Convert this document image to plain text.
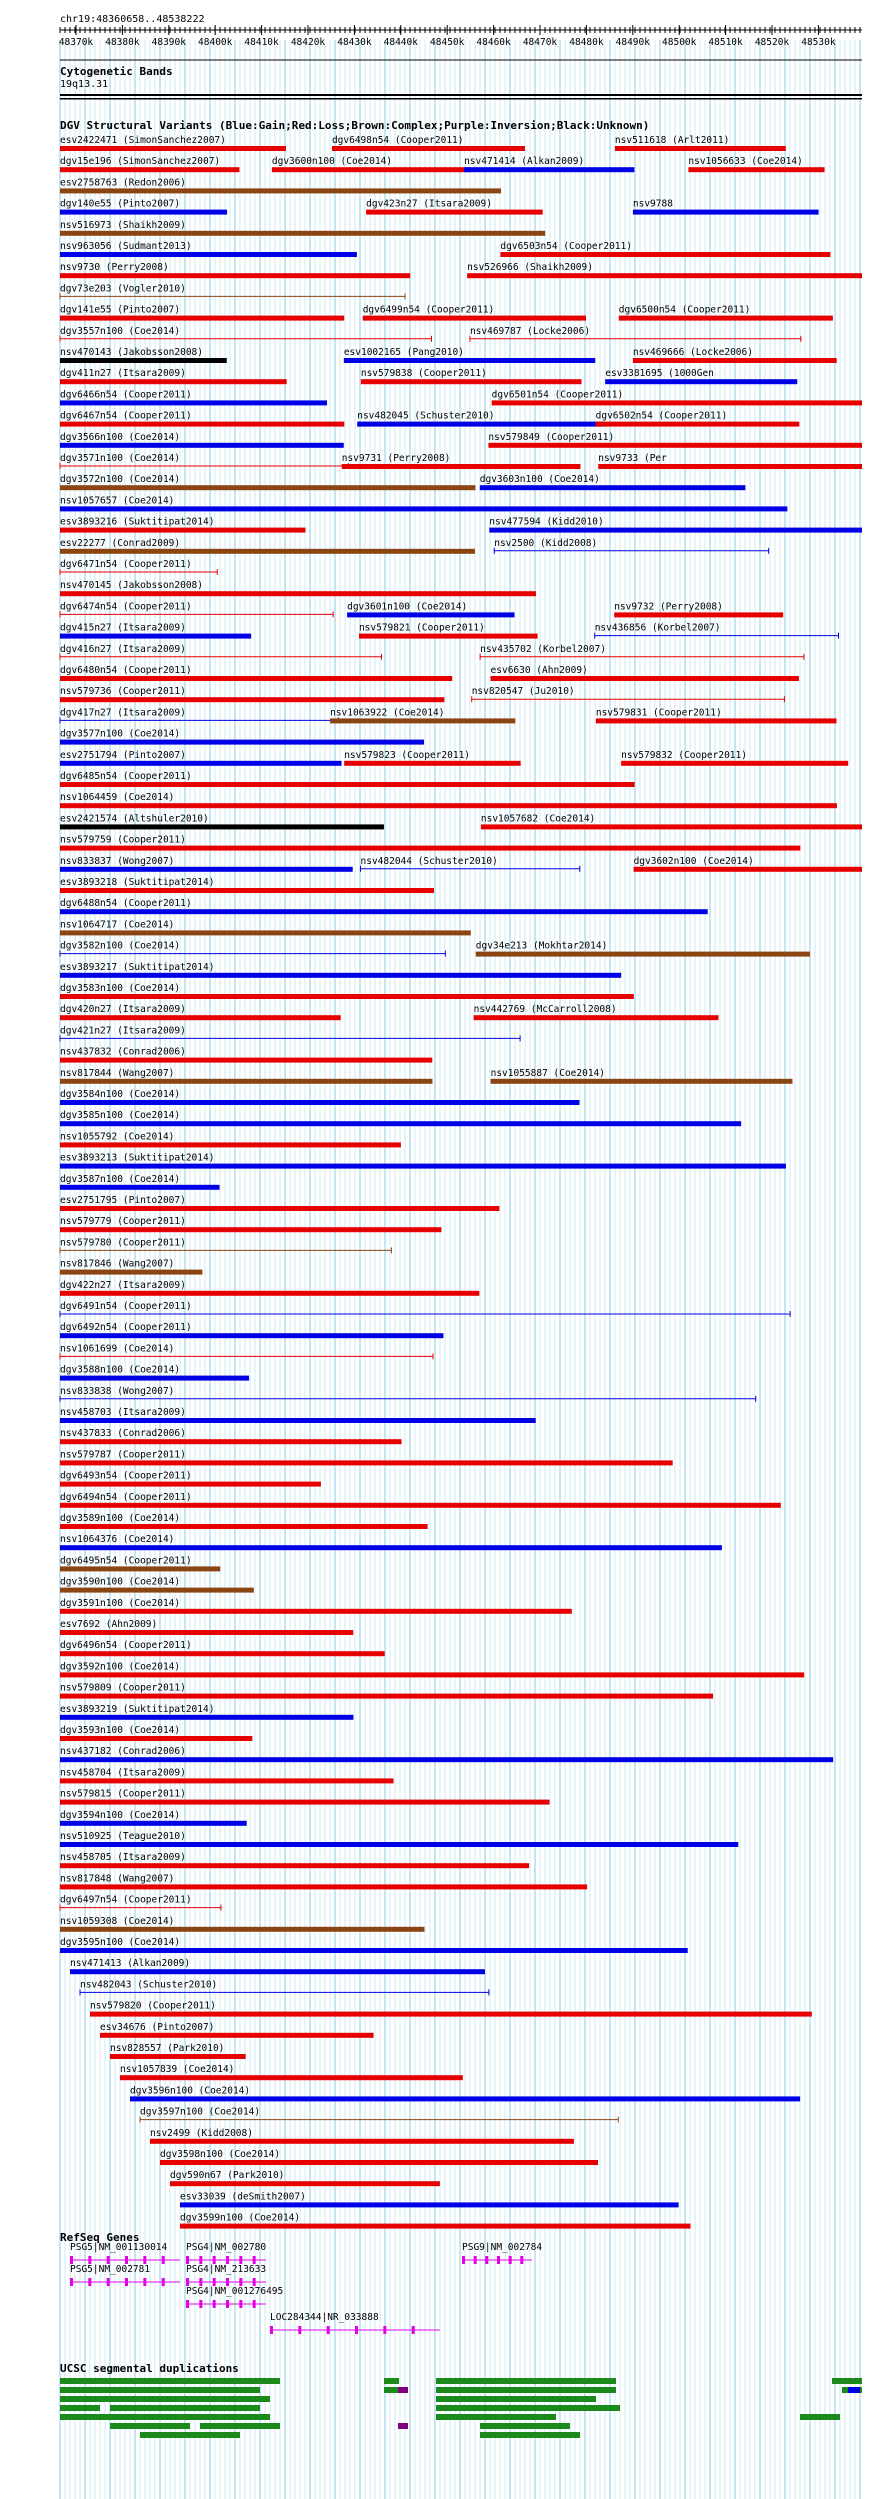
chr19:48360658..48538222
Cytogenetic Bands
19q13.31
DGV Structural Variants (Blue:Gain;Red:Loss;Brown:Complex;Purple:Inversion;Black:Unknown)
RefSeq Genes
UCSC segmental duplications
48370k 48380k 48390k 48400k 48410k 48420k 48430k 48440k 48450k 48460k 48470k 48480k 48490k 48500k 48510k 48520k 48530k
esv2422471 (SimonSanchez2007)	dgv6498n54 (Cooper2011)	nsv511618 (Arlt2011)
dgv15e196 (SimonSanchez2007)	dgv3600n100 (Coe2014)	nsv471414 (Alkan2009)	nsv1056633 (Coe2014)
esv2758763 (Redon2006)
dgv140e55 (Pinto2007)	dgv423n27 (Itsara2009)	nsv9788
nsv516973 (Shaikh2009)
nsv963056 (Sudmant2013)	dgv6503n54 (Cooper2011)
nsv9730 (Perry2008)	nsv526966 (Shaikh2009)
dgv73e203 (Vogler2010)
dgv141e55 (Pinto2007)	dgv6499n54 (Cooper2011)	dgv6500n54 (Cooper2011)
dgv3557n100 (Coe2014)	nsv469787 (Locke2006)
nsv470143 (Jakobsson2008)	esv1002165 (Pang2010)	nsv469666 (Locke2006)
dgv411n27 (Itsara2009)	nsv579838 (Cooper2011)	esv3381695 (1000Gen
dgv6466n54 (Cooper2011)	dgv6501n54 (Cooper2011)
dgv6467n54 (Cooper2011)	nsv482045 (Schuster2010)	dgv6502n54 (Cooper2011)
dgv3566n100 (Coe2014)	nsv579849 (Cooper2011)
dgv3571n100 (Coe2014)	nsv9731 (Perry2008)	nsv9733 (Per
dgv3572n100 (Coe2014)	dgv3603n100 (Coe2014)
nsv1057657 (Coe2014)
esv3893216 (Suktitipat2014)	nsv477594 (Kidd2010)
esv22277 (Conrad2009)	nsv2500 (Kidd2008)
dgv6471n54 (Cooper2011)
nsv470145 (Jakobsson2008)
dgv6474n54 (Cooper2011)	dgv3601n100 (Coe2014)	nsv9732 (Perry2008)
dgv415n27 (Itsara2009)	nsv579821 (Cooper2011)	nsv436856 (Korbel2007)
dgv416n27 (Itsara2009)	nsv435702 (Korbel2007)
dgv6480n54 (Cooper2011)	esv6630 (Ahn2009)
nsv579736 (Cooper2011)	nsv820547 (Ju2010)
dgv417n27 (Itsara2009)	nsv1063922 (Coe2014)	nsv579831 (Cooper2011)
dgv3577n100 (Coe2014)
esv2751794 (Pinto2007)	nsv579823 (Cooper2011)	nsv579832 (Cooper2011)
dgv6485n54 (Cooper2011)
nsv1064459 (Coe2014)
esv2421574 (Altshuler2010)	nsv1057682 (Coe2014)
nsv579759 (Cooper2011)
nsv833837 (Wong2007)	nsv482044 (Schuster2010)	dgv3602n100 (Coe2014)
esv3893218 (Suktitipat2014)
dgv6488n54 (Cooper2011)
nsv1064717 (Coe2014)
dgv3582n100 (Coe2014)	dgv34e213 (Mokhtar2014)
esv3893217 (Suktitipat2014)
dgv3583n100 (Coe2014)
dgv420n27 (Itsara2009)	nsv442769 (McCarroll2008)
dgv421n27 (Itsara2009)
nsv437832 (Conrad2006)
nsv817844 (Wang2007)	nsv1055887 (Coe2014)
dgv3584n100 (Coe2014)
dgv3585n100 (Coe2014)
nsv1055792 (Coe2014)
esv3893213 (Suktitipat2014)
dgv3587n100 (Coe2014)
esv2751795 (Pinto2007)
nsv579779 (Cooper2011)
nsv579780 (Cooper2011)
nsv817846 (Wang2007)
dgv422n27 (Itsara2009)
dgv6491n54 (Cooper2011)
dgv6492n54 (Cooper2011)
nsv1061699 (Coe2014)
dgv3588n100 (Coe2014)
nsv833838 (Wong2007)
nsv458703 (Itsara2009)
nsv437833 (Conrad2006)
nsv579787 (Cooper2011)
dgv6493n54 (Cooper2011)
dgv6494n54 (Cooper2011)
dgv3589n100 (Coe2014)
nsv1064376 (Coe2014)
dgv6495n54 (Cooper2011)
dgv3590n100 (Coe2014)
dgv3591n100 (Coe2014)
esv7692 (Ahn2009)
dgv6496n54 (Cooper2011)
dgv3592n100 (Coe2014)
nsv579809 (Cooper2011)
esv3893219 (Suktitipat2014)
dgv3593n100 (Coe2014)
nsv437182 (Conrad2006)
nsv458704 (Itsara2009)
nsv579815 (Cooper2011)
dgv3594n100 (Coe2014)
nsv510925 (Teague2010)
nsv458705 (Itsara2009)
nsv817848 (Wang2007)
dgv6497n54 (Cooper2011)
nsv1059308 (Coe2014)
dgv3595n100 (Coe2014)
nsv471413 (Alkan2009)
nsv482043 (Schuster2010)
nsv579820 (Cooper2011)
esv34676 (Pinto2007)
nsv828557 (Park2010)
nsv1057839 (Coe2014)
dgv3596n100 (Coe2014)
dgv3597n100 (Coe2014)
nsv2499 (Kidd2008)
dgv3598n100 (Coe2014)
dgv590n67 (Park2010)
esv33039 (deSmith2007)
dgv3599n100 (Coe2014)
PSG5|NM_001130014 PSG4|NM_002780	PSG9|NM_002784
PSG5|NM_002781	PSG4|NM_213633
PSG4|NM_001276495
LOC284344|NR_033888
